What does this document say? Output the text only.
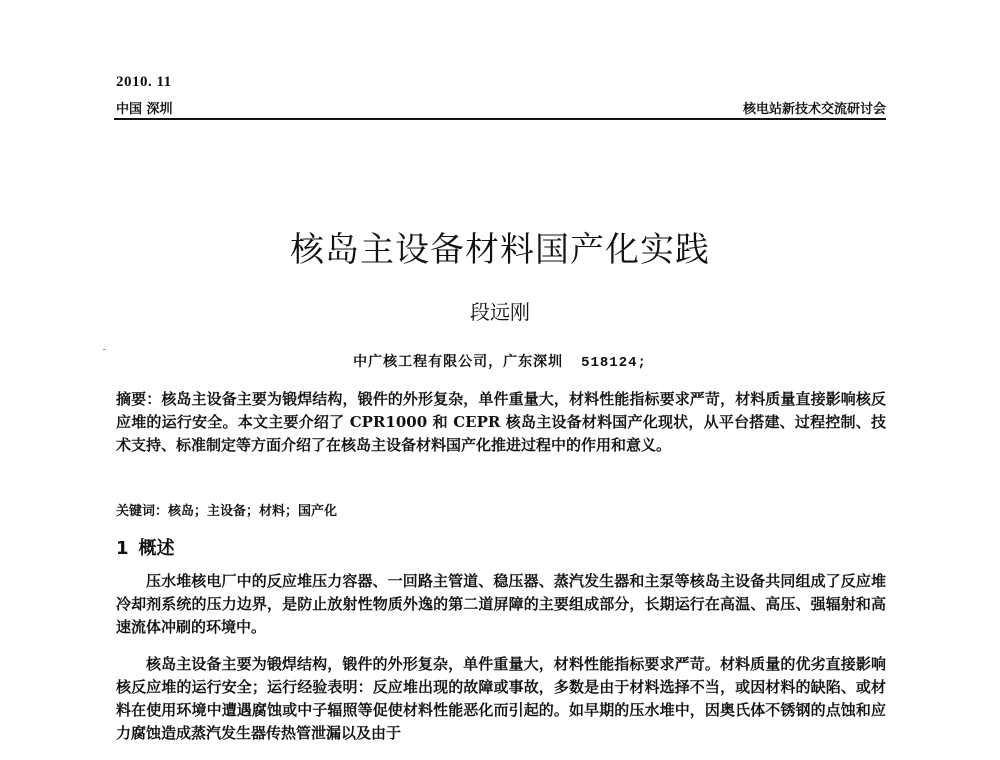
2010. 11
中国 深圳	核电站新技术交流研讨会
核岛主设备材料国产化实践
段远刚
中广核工程有限公司，广东深圳 518124;
摘要：核岛主设备主要为锻焊结构，锻件的外形复杂，单件重量大，材料性能指标要求严苛，材料质量直接影响核反应堆的运行安全。本文主要介绍了 CPR1000 和 CEPR 核岛主设备材料国产化现状，从平台搭建、过程控制、技术支持、标准制定等方面介绍了在核岛主设备材料国产化推进过程中的作用和意义。
关键词：核岛；主设备；材料；国产化
1 概述
压水堆核电厂中的反应堆压力容器、一回路主管道、稳压器、蒸汽发生器和主泵等核岛主设备共同组成了反应堆冷却剂系统的压力边界，是防止放射性物质外逸的第二道屏障的主要组成部分，长期运行在高温、高压、强辐射和高速流体冲刷的环境中。
核岛主设备主要为锻焊结构，锻件的外形复杂，单件重量大，材料性能指标要求严苛。材料质量的优劣直接影响核反应堆的运行安全；运行经验表明：反应堆出现的故障或事故，多数是由于材料选择不当，或因材料的缺陷、或材料在使用环境中遭遇腐蚀或中子辐照等促使材料性能恶化而引起的。如早期的压水堆中，因奥氏体不锈钢的点蚀和应力腐蚀造成蒸汽发生器传热管泄漏以及由于
